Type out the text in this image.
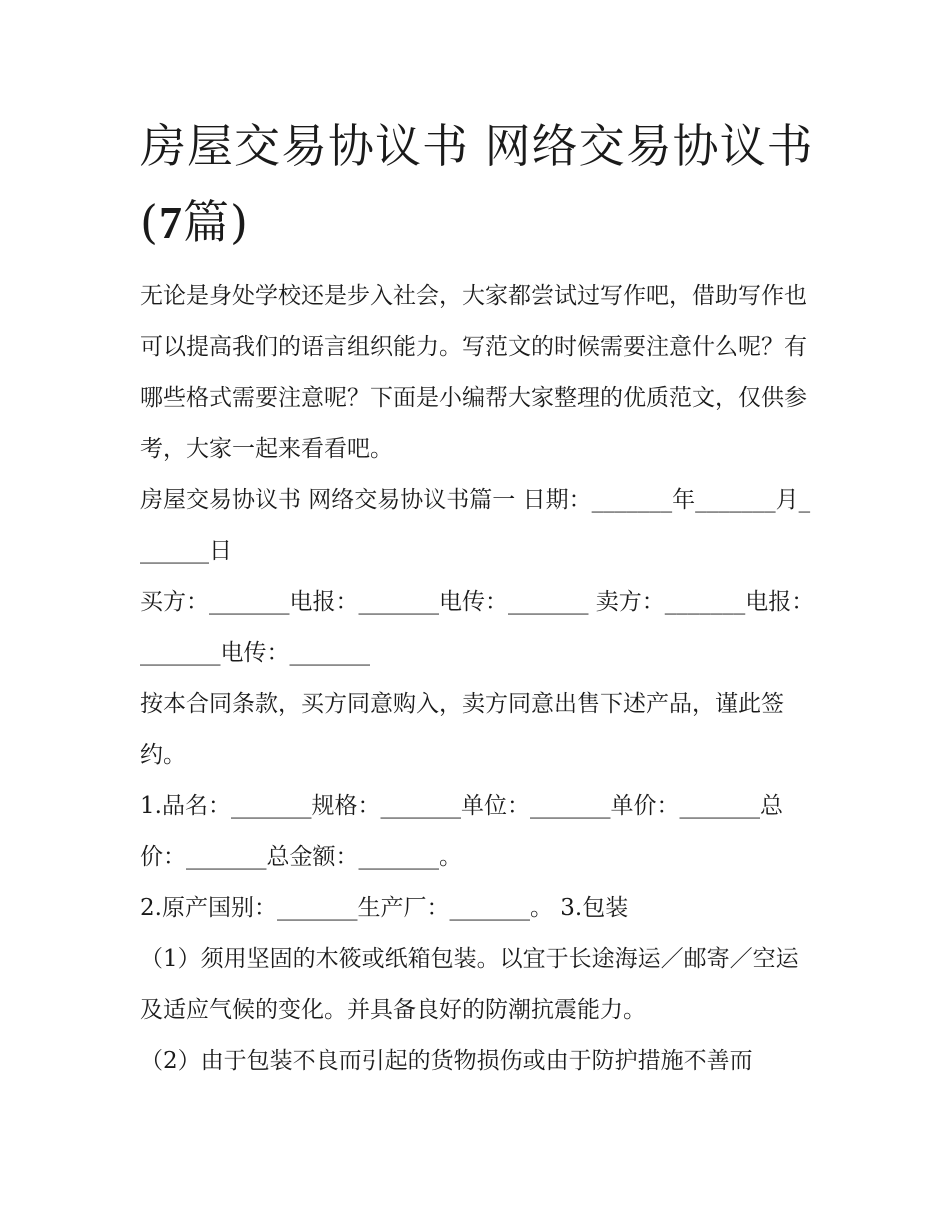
房屋交易协议书 网络交易协议书(7篇)

无论是身处学校还是步入社会，大家都尝试过写作吧，借助写作也可以提高我们的语言组织能力。写范文的时候需要注意什么呢？有哪些格式需要注意呢？下面是小编帮大家整理的优质范文，仅供参考，大家一起来看看吧。

房屋交易协议书 网络交易协议书篇一 日期：_______年_______月_______日

买方：_______电报：_______电传：_______ 卖方：_______电报：_______电传：_______

按本合同条款，买方同意购入，卖方同意出售下述产品，谨此签约。

1.品名：_______规格：_______单位：_______单价：_______总价：_______总金额：_______。

2.原产国别：_______生产厂：_______。 3.包装

（1）须用坚固的木筱或纸箱包装。以宜于长途海运／邮寄／空运及适应气候的变化。并具备良好的防潮抗震能力。

（2）由于包装不良而引起的货物损伤或由于防护措施不善而
